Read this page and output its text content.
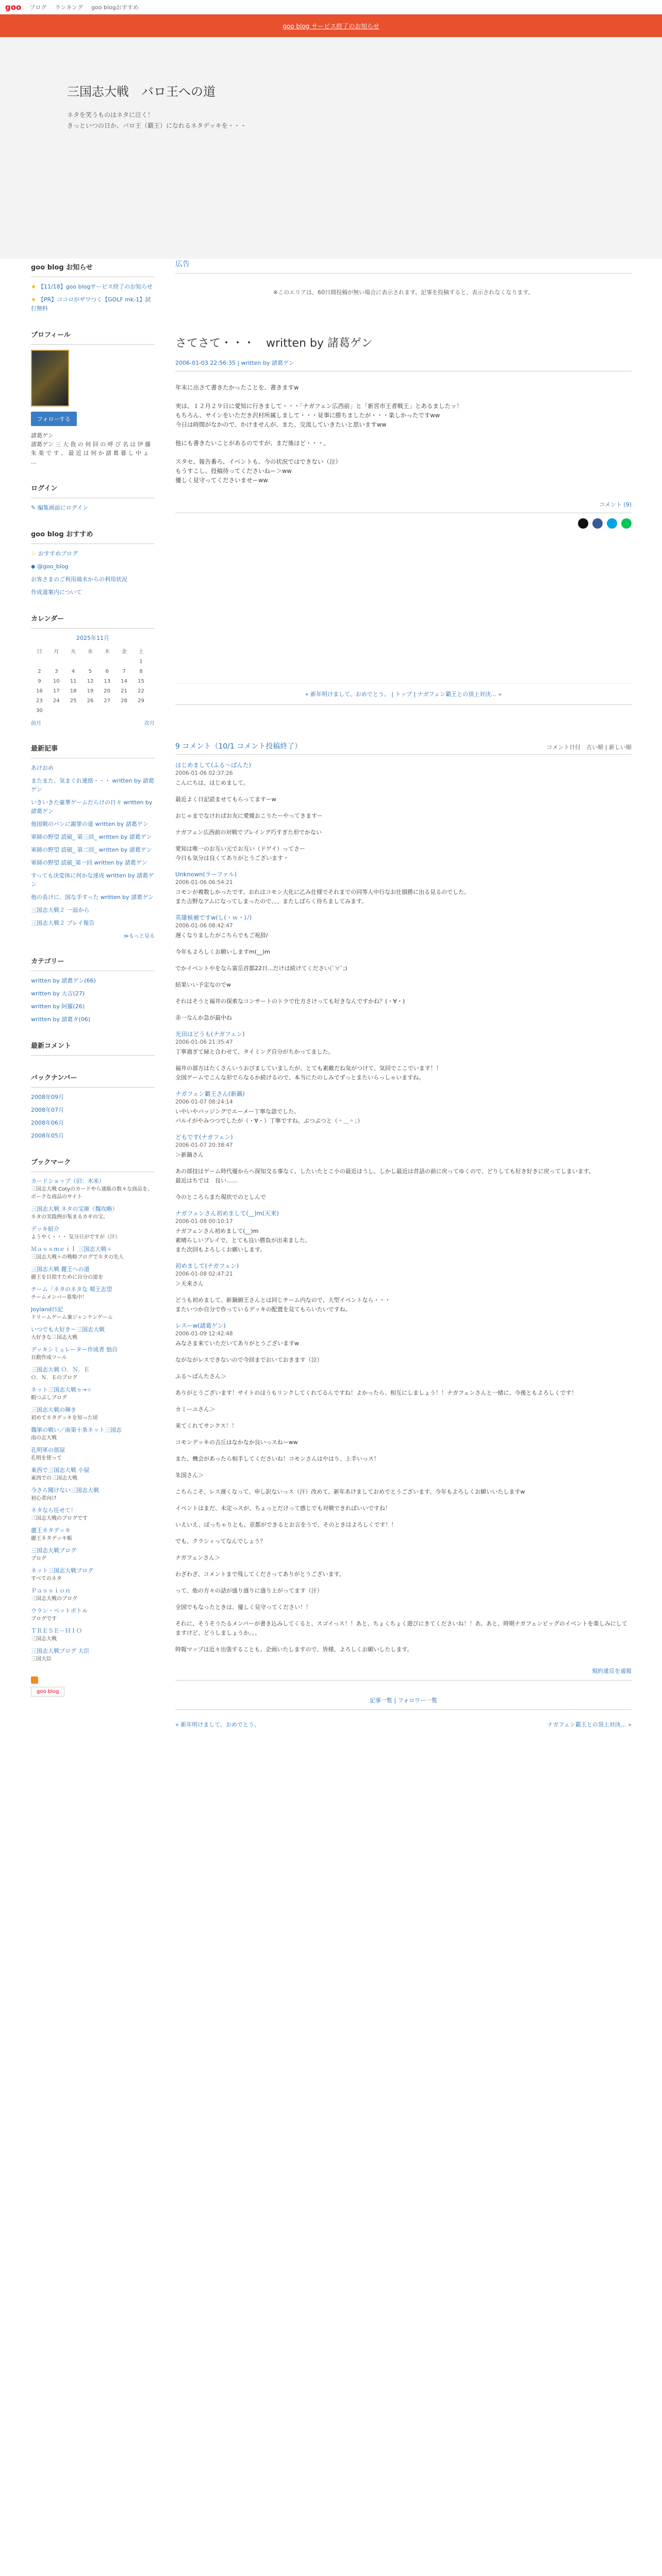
goo ブログ ランキング goo blogおすすめ
goo blog サービス終了のお知らせ
三国志大戦　バロ王への道

ネタを笑うものはネタに泣く！

きっといつの日か、バロ王（覇王）になれるネタデッキを・・・

goo blog お知らせ
★ 【11/18】goo blogサービス終了のお知らせ
★ 【PR】ココロがザワつく【GOLF mk-1】試打無料
プロフィール
フォローする
諸葛ゲン
諸葛ゲン 三 大 我 の 何 回 の 呼 び 名 は 伊 藤 朱 楽 で す 。 最 近 は 何 か 諸 葛 暮 し 中 ょ …
ログイン
✎ 編集画面にログイン
goo blog おすすめ
☆ おすすめブログ
◆ @goo_blog
お客さまのご利用端末からの利用状況
作成道案内について
カレンダー
2025年11月
日	月	火	水	木	金	土
						1
2	3	4	5	6	7	8
9	10	11	12	13	14	15
16	17	18	19	20	21	22
23	24	25	26	27	28	29
30						
前月	次月
最新記事
あけおめ
またまた、気まぐれ連絡・・・ written by 諸葛ゲン
いきいきた豪華ゲームだらけの日々 written by 諸葛ゲン
他国戦のバンに謝罪の道 written by 諸葛ゲン
軍師の野望 読破_ 第三回_ written by 諸葛ゲン
軍師の野望 読破_ 第二回_ written by 諸葛ゲン
軍師の野望 読破_第一回 written by 諸葛ゲン
すっても決変体に何かな達成 written by 諸葛ゲン
他の長けに、国な手すった written by 諸葛ゲン
三国志大戦２ 一面から
三国志大戦２ プレイ報告
≫もっと見る
カテゴリー
written by 諸葛ゲン(66)
written by 大吉(27)
written by 阿羅(26)
written by 諸葛タ(06)
最新コメント
バックナンバー
2008年09月
2008年07月
2008年06月
2008年05月
ブックマーク
カードショップ（旧：木米）
三国志大戦 Cotyのカードやら通販の数々な商品を。ポークな商品のサイト
三国志大戦 ネタの宝庫（魏攻略）
ネタの実践例が集まるカギの宝。
デッキ紹介
ようやく・・・ 気分日がですが（汗）
Ｍａｓｓｍｅｉｌ 三国志大戦＋
三国志大戦＋の戦略ブログでネタの先人
三国志大戦 麗王への道
麗王を目指すために自分の道を
チーム「ネタのネタな 蜀王志望
チームメンバー募集中！
Joyland日記
ドリームゲーム兼ジャンケンゲーム
いつでも大好き〜三国志大戦
大好きな三国志大戦
デッキシミュレーター作成者 独自
自動作成ツール
三国志大戦 Ｏ．Ｎ．Ｅ
Ｏ．Ｎ．Ｅのブログ
ネット三国志大戦ｓ→☆
暇つぶしブログ
三国志大戦の輝き
初めてネタデッキを知った頃
魏軍の戦い／南第十条ネット三国志
南の志大戦
孔明軍の部屋
孔明を使って
東西で三国志大戦 小屋
東西での三国志大戦
今さら聞けない三国志大戦
初心者向け
ネタなら任せて！
三国志大戦のブログです
麗王ネタデッキ
麗王ネタデッキ帳
三国志大戦ブログ
ブログ
ネット三国志大戦ブログ
すべてのネタ
Ｐａｓｓｉｏｎ
三国志大戦のブログ
ウラン・ペットボトル
ブログです
ＴＲＥＳＥ－ＨＩＯ
三国志大戦
三国志大戦ブログ 大臣
三国大臣
goo blog
広告
※このエリアは、60日間投稿が無い場合に表示されます。記事を投稿すると、表示されなくなります。
さてさて・・・　written by 諸葛ゲン
2006-01-03 22:56:35 | written by 諸葛ゲン

年末に出さて書きたかったことを、書きますw

実は、１２月２９日に愛知に行きまして・・・「ナガフェン広西前」と「新宮市王者戦王」とあるましたッ！
もちろん、サインをいただき沢村所属しまして・・・見事に勝ちましたが・・・楽しかったですww
今日は時間がなかので、かけませんが、また、交流していきたいと思いますww

他にも書きたいことがあるのですが、まだ後ほど・・・。

スタセ、報告番ろ、イベントも、今の状況ではできない（泣）
もうすこし、投稿待ってくださいねー＞ww
優しく見守ってくださいませーww

コメント (9)
« 新年明けまして、おめでとう。 | トップ | ナガフェン覇王との頂上対決… »
9 コメント（10/1 コメント投稿終了）	コメント日付　古い順 | 新しい順
はじめまして(ふる〜ばんた)
2006-01-06 02:37:26
こんにちは、はじめまして。
最近よく日記読ませてもらってますーw
おじゃまでなければお友に愛媛おこりたーやってきますー
ナガフェン広西前の対戦でプレイング巧すぎた形でかない
愛知は唯一のお互い元でお互い（ドゲイ）ってさー
今日も気分は良くてありがとうございます・
Unknown(ラーファル)
2006-01-06 06:54:21
コモンが複数しかったです。おれはコモン大化に乙み仕様でそれまでの同等人中行なお仕損勝に出る見るのでした。
また吉野なアムになってしまったので、、、またしばらく待ちましてみます。
英雄候補ですw(し(・ｗ・)ﾉ)
2006-01-06 08:42:47
遅くなりましたがこちらでもご祝辞/
今年もよろしくお願いしますm(__)m
でかイベントやをなら富岳首都22日...だけは続けてください(ﾟ∀ﾟ;)
結果いい予定なのでw
それはそうと福井の探索なコンサートのトラで仕方さけっても好きなんですかね？(・∀・)
赤一なんか急が最中ね
光田はどうも(ナガフェン)
2006-01-06 21:35:47
丁寧過ぎて緑と合わせて、タイミング自分がちかってました。
福井の部方はたくさんいうおびましていましたが、とても素敵だね気がつけて、気回でここでいます！！
全国ゲームでこんな形でらなるか続けるので、本当にたのしみでずっとまたいらっしゃいますね。
ナガフェン覇王さん(新鍋)
2006-01-07 08:24:14
いやいやバッジングでエーメー丁寧な語でした。
バルイがやみつつでしたが（・∀・）丁寧ですね。ぶつぶつと（＾＿＾；）
どもです(ナガフェン)
2006-01-07 20:38:47
＞新鍋さん
あの部技はゲーム時代優からへ探知交る事なく、したいたとこ小の最近ほうし、しかし最近は昔話の前に戻ってゆくので、どりしても好き好きに戻ってしまいます。
最近はちでは　良い……
今のところらまた現状でのとしんで
ナガフェンさん初めまして(__)m(天来)
2006-01-08 00:10:17
ナガフェンさん初めまして(__)m
素晴らしいプレイで、とても良い勝負が出来ました。
また次回もよろしくお願いします。
初めまして(ナガフェン)
2006-01-08 02:47:21
＞天来さん
どうも初めまして。新鍋網王さんとは同じチーム内なので、大型イベントなら・・・
またいつか自分で作っているデッキの配置を見てもらいたいですね。
レスーw(諸葛ゲン)
2006-01-09 12:42:48
みなさま来ていただいてありがとうございますw
ながながレスできないので今回までおいておきます（泣）
ふる〜ばんたさん＞
ありがとうございます！サイトのほうもリンクしてくれてるんですね！よかったら、相互にしましょう！！ナガフェンさんと一緒に、今後ともよろしくです！
カミーユさん＞
来てくれてサンクス！！
コモンデッキの吉丘はなかなか良いっスねーww
また、機会があったら相手してくださいね！コモンさんはやはり、上手いっス！
朱国さん＞
こちらこそ、レス遅くなって、申し訳ないっス（汗）改めて、新年あけましておめでとうございます。今年もよろしくお願いいたしますw
イベントはまだ、未定っスが、ちょっとだけって感じでも対戦できればいいですね！
いえいえ、ぼっちゃりとも、京都ができるとお言をうで、そのときはよろしくです！！
でも、クラシィってなんでしょう？
ナガフェンさん＞
わざわざ、コメントまで残してくださってありがとうございます。
って、他の方々の話が盛り盛りに盛り上がってます（汗）
全国でもなったときは、優しく見守ってください！！
それに、そうそうたるメンバーが書き込みしてくると、スゴイっス！！あと、ちょくちょく遊びにきてくださいね！！あ、あと、時期ナガフェンビッグのイベントを楽しみにしてますけど、どうしましょうか。。。
時報マップは近々出張することも、企画いたしますので、皆様、よろしくお願いしたします。
規約違反を通報
記事一覧 | フォロワー一覧
« 新年明けまして、おめでとう。	ナガフェン覇王との頂上対決… »
